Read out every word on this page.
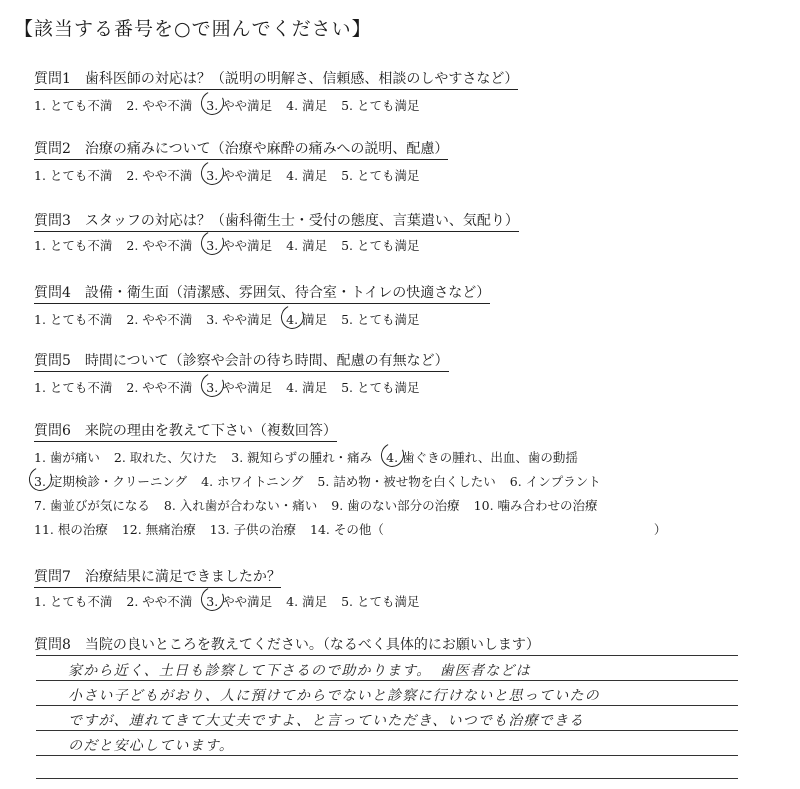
【該当する番号を○で囲んでください】
質問1　歯科医師の対応は？（説明の明解さ、信頼感、相談のしやすさなど）
1. とても不満 2. やや不満 3. やや満足 4. 満足 5. とても満足
質問2　治療の痛みについて（治療や麻酔の痛みへの説明、配慮）
1. とても不満 2. やや不満 3. やや満足 4. 満足 5. とても満足
質問3　スタッフの対応は？（歯科衛生士・受付の態度、言葉遣い、気配り）
1. とても不満 2. やや不満 3. やや満足 4. 満足 5. とても満足
質問4　設備・衛生面（清潔感、雰囲気、待合室・トイレの快適さなど）
1. とても不満 2. やや不満 3. やや満足 4. 満足 5. とても満足
質問5　時間について（診察や会計の待ち時間、配慮の有無など）
1. とても不満 2. やや不満 3. やや満足 4. 満足 5. とても満足
質問6　来院の理由を教えて下さい（複数回答）
1. 歯が痛い 2. 取れた、欠けた 3. 親知らずの腫れ・痛み 4. 歯ぐきの腫れ、出血、歯の動揺
3. 定期検診・クリーニング 4. ホワイトニング 5. 詰め物・被せ物を白くしたい 6. インプラント
7. 歯並びが気になる 8. 入れ歯が合わない・痛い 9. 歯のない部分の治療 10. 噛み合わせの治療
11. 根の治療 12. 無痛治療 13. 子供の治療 14. その他（	）
質問7　治療結果に満足できましたか？
1. とても不満 2. やや不満 3. やや満足 4. 満足 5. とても満足
質問8　当院の良いところを教えてください。（なるべく具体的にお願いします）
家から近く、土日も診察して下さるので助かります。　歯医者などは
小さい子どもがおり、人に預けてからでないと診察に行けないと思っていたの
ですが、連れてきて大丈夫ですよ、と言っていただき、いつでも治療できる
のだと安心しています。
